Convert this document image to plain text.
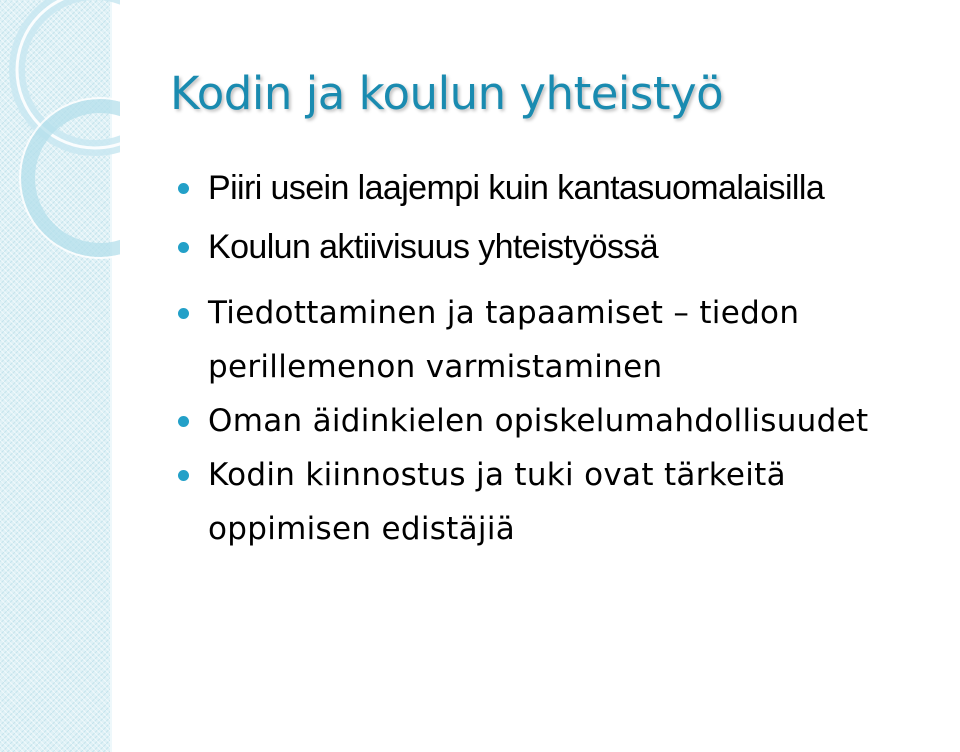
Kodin ja koulun yhteistyö
Piiri usein laajempi kuin kantasuomalaisilla
Koulun aktiivisuus yhteistyössä
Tiedottaminen ja tapaamiset – tiedon
perillemenon varmistaminen
Oman äidinkielen opiskelumahdollisuudet
Kodin kiinnostus ja tuki ovat tärkeitä
oppimisen edistäjiä
